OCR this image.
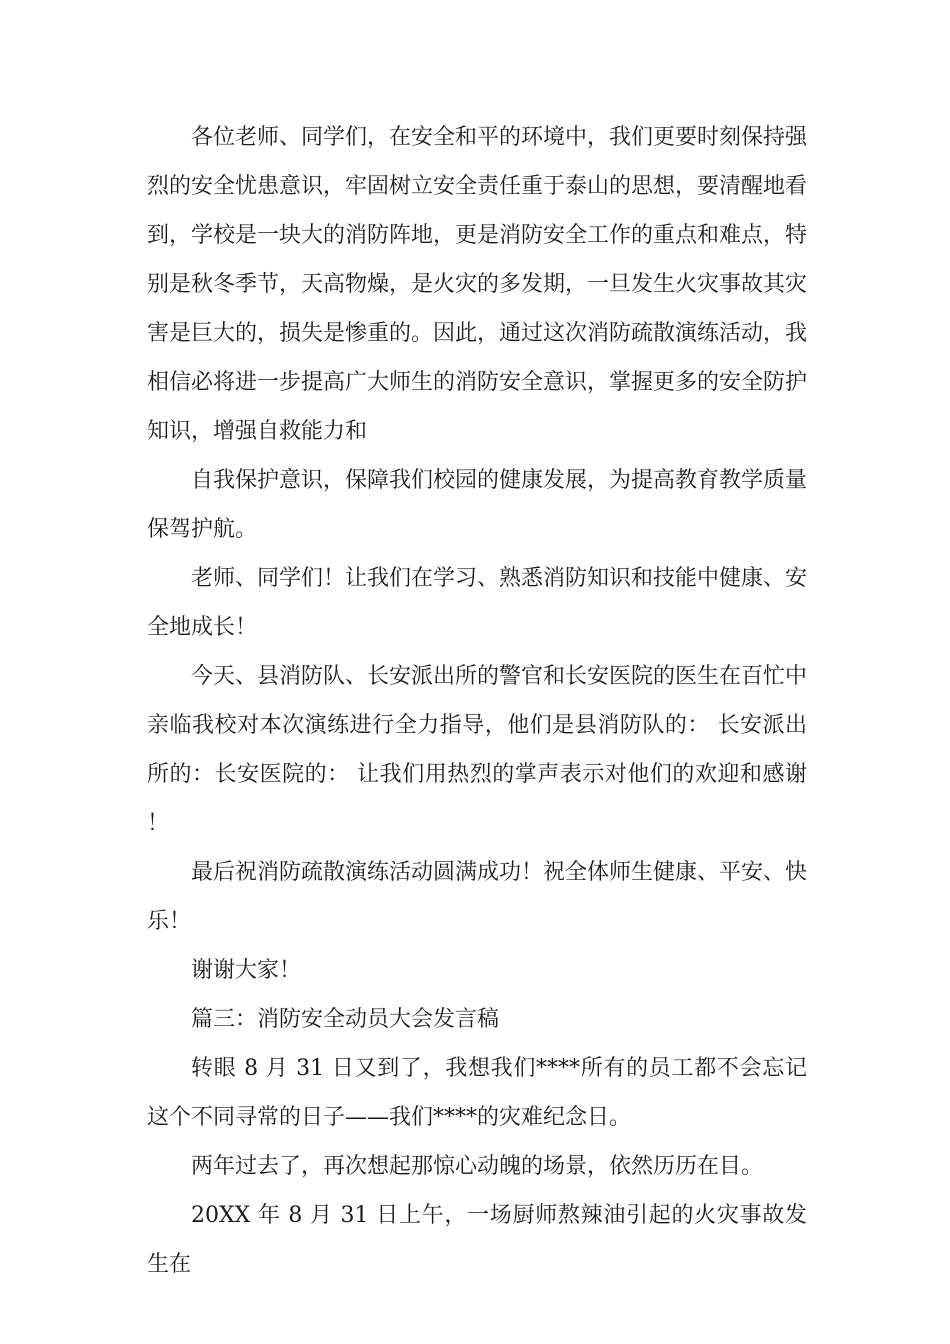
各位老师、同学们，在安全和平的环境中，我们更要时刻保持强烈的安全忧患意识，牢固树立安全责任重于泰山的思想，要清醒地看到，学校是一块大的消防阵地，更是消防安全工作的重点和难点，特别是秋冬季节，天高物燥，是火灾的多发期，一旦发生火灾事故其灾害是巨大的，损失是惨重的。因此，通过这次消防疏散演练活动，我相信必将进一步提高广大师生的消防安全意识，掌握更多的安全防护知识，增强自救能力和

自我保护意识，保障我们校园的健康发展，为提高教育教学质量保驾护航。

老师、同学们！让我们在学习、熟悉消防知识和技能中健康、安全地成长！

今天、县消防队、长安派出所的警官和长安医院的医生在百忙中亲临我校对本次演练进行全力指导，他们是县消防队的： 长安派出所的：长安医院的： 让我们用热烈的掌声表示对他们的欢迎和感谢！

最后祝消防疏散演练活动圆满成功！祝全体师生健康、平安、快乐！

谢谢大家！

篇三：消防安全动员大会发言稿

转眼 8 月 31 日又到了，我想我们****所有的员工都不会忘记这个不同寻常的日子——我们****的灾难纪念日。

两年过去了，再次想起那惊心动魄的场景，依然历历在目。

20XX 年 8 月 31 日上午，一场厨师熬辣油引起的火灾事故发生在
